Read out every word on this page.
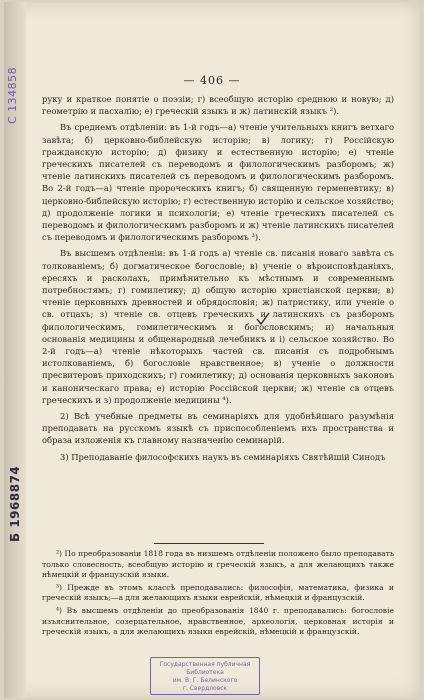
— 406 —

руку и краткое понятіе о поэзіи; г) всеобщую исторію среднюю и новую; д) геометрію и пасхалію; е) греческій языкъ и ж) латинскій языкъ ²).

Въ среднемъ отдѣленіи: въ 1-й годъ—а) чтеніе учительныхъ книгъ ветхаго завѣта; б) церковно-библейскую исторію; в) логику; г) Россійскую гражданскую исторію; д) физику и естественную исторію; е) чтеніе греческихъ писателей съ переводомъ и филологическимъ разборомъ; ж) чтеніе латинскихъ писателей съ переводомъ и филологическимъ разборомъ. Во 2-й годъ—а) чтеніе пророческихъ книгъ; б) священную герменевтику; в) церковно-библейскую исторію; г) естественную исторію и сельское хозяйство; д) продолженіе логики и психологіи; е) чтеніе греческихъ писателей съ переводомъ и филологическимъ разборомъ и ж) чтеніе латинскихъ писателей съ переводомъ и филологическимъ разборомъ ³).

Въ высшемъ отдѣленіи: въ 1-й годъ а) чтеніе св. писанія новаго завѣта съ толкованіемъ; б) догматическое богословіе; в) ученіе о вѣроисповѣданіяхъ, ересяхъ и расколахъ, примѣнительно къ мѣстнымъ и современнымъ потребностямъ; г) гомилетику; д) общую исторію христіанской церкви; в) чтеніе церковныхъ древностей и обрядословія; ж) патристику, или ученіе о св. отцахъ; з) чтеніе св. отцевъ греческихъ и латинскихъ съ разборомъ филологическимъ, гомилетическимъ и богословскимъ; и) начальныя основанія медицины и общенародный лечебникъ и і) сельское хозяйство. Во 2-й годъ—а) чтеніе нѣкоторыхъ частей св. писанія съ подробнымъ истолкованіемъ, б) богословіе нравственное; в) ученіе о должности пресвитеровъ приходскихъ; г) гомилетику; д) основанія церковныхъ законовъ и каноническаго права; е) исторію Россійской церкви; ж) чтеніе св отцевъ греческихъ и з) продолженіе медицины ⁴).

2) Всѣ учебные предметы въ семинаріяхъ для удобнѣйшаго разумѣнія преподавать на русскомъ языкѣ съ приспособленіемъ ихъ пространства и образа изложенія къ главному назначенію семинарій.

3) Преподаваніе философскихъ наукъ въ семинаріяхъ Святѣйшій Синодъ

²) По преобразованіи 1818 года въ низшемъ отдѣленіи положено было преподавать только словесность, всеобщую исторію и греческій языкъ, а для желающихъ также нѣмецкій и французскій языки.

³) Прежде въ этомъ классѣ преподавались: философія, математика, физика и греческій языкъ;—а для желающихъ языки еврейскій, нѣмецкій и французскій.

⁴) Въ высшемъ отдѣленіи до преобразованія 1840 г. преподавались: богословіе изъяснительное, созерцательное, нравственное, археологія, церковная исторія и греческій языкъ, а для желающихъ языки еврейскій, нѣмецкій и французскій.

Государственная публичная
Библиотека
им. В. Г. Белинского
г. Свердловск
